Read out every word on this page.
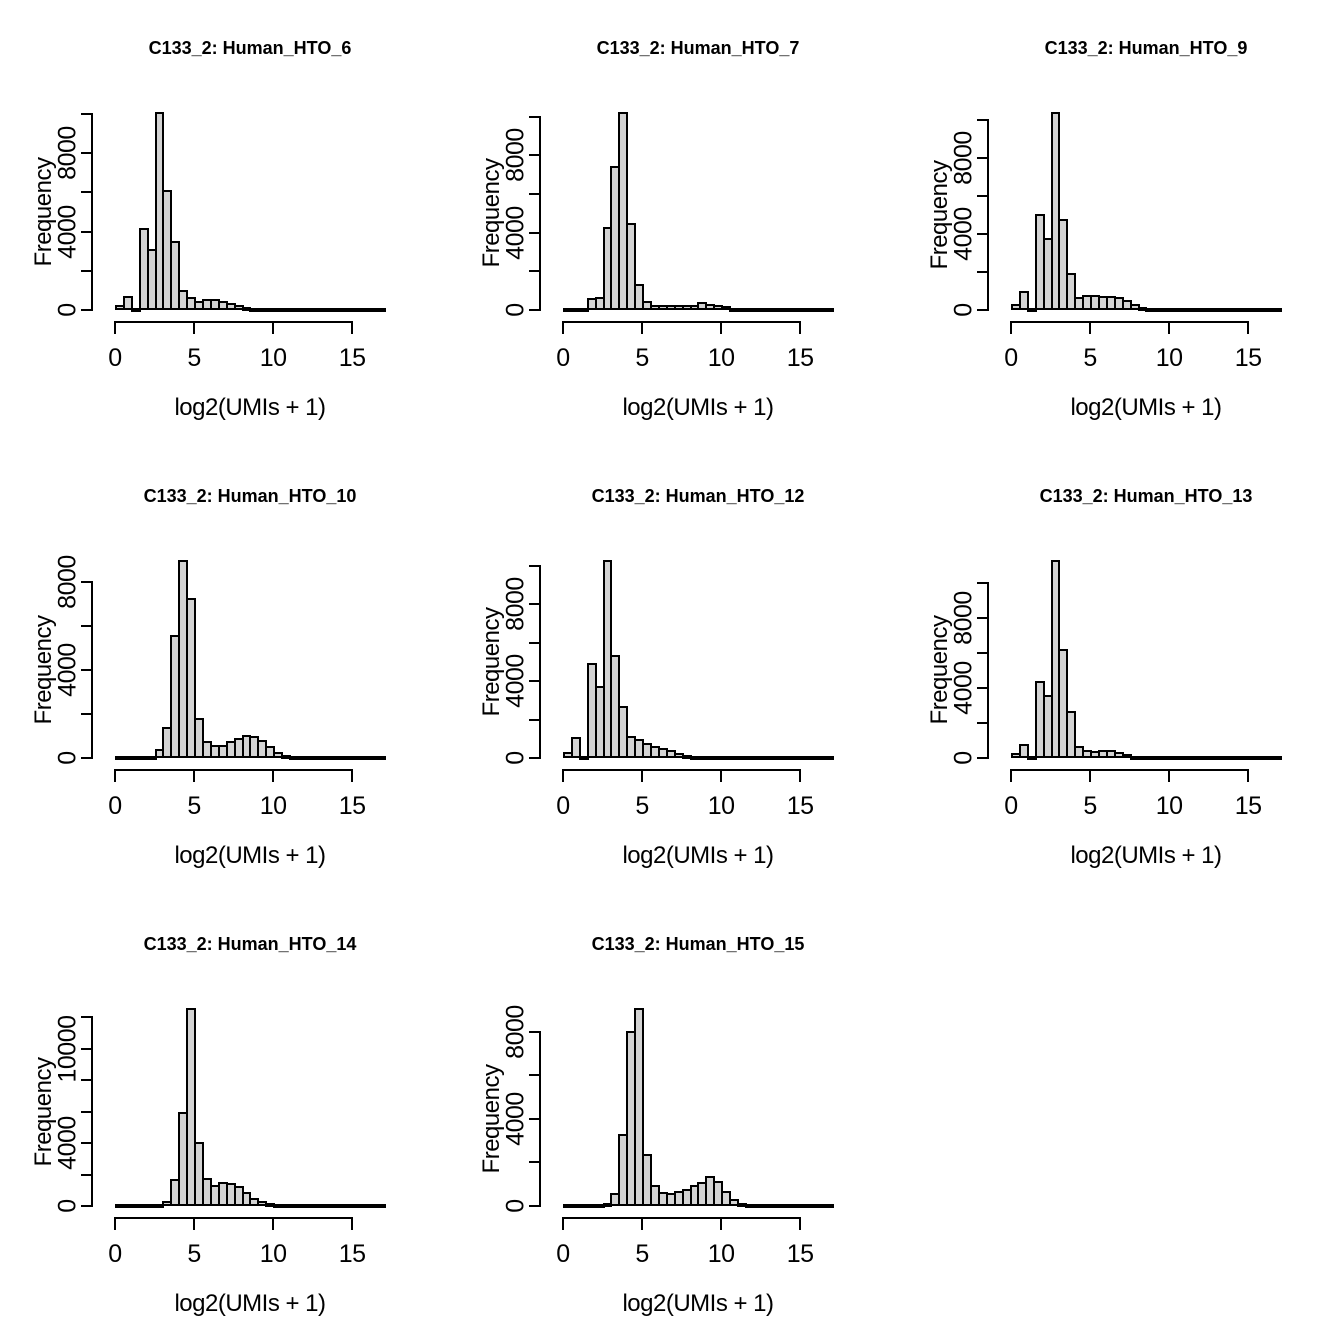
C133_2: Human_HTO_6
0
4000
8000
Frequency
0	5 10 15
log2(UMIs + 1)
C133_2: Human_HTO_7
0
4000
8000
Frequency
0	5 10 15
log2(UMIs + 1)
C133_2: Human_HTO_9
0
4000
8000
Frequency
0	5 10 15
log2(UMIs + 1)
C133_2: Human_HTO_10
0
4000
8000
Frequency
0	5 10 15
log2(UMIs + 1)
C133_2: Human_HTO_12
0
4000
8000
Frequency
0	5 10 15
log2(UMIs + 1)
C133_2: Human_HTO_13
0
4000
8000
Frequency
0	5 10 15
log2(UMIs + 1)
C133_2: Human_HTO_14
0
4000
10000
Frequency
0	5 10 15
log2(UMIs + 1)
C133_2: Human_HTO_15
0
4000
8000
Frequency
0	5 10 15
log2(UMIs + 1)
